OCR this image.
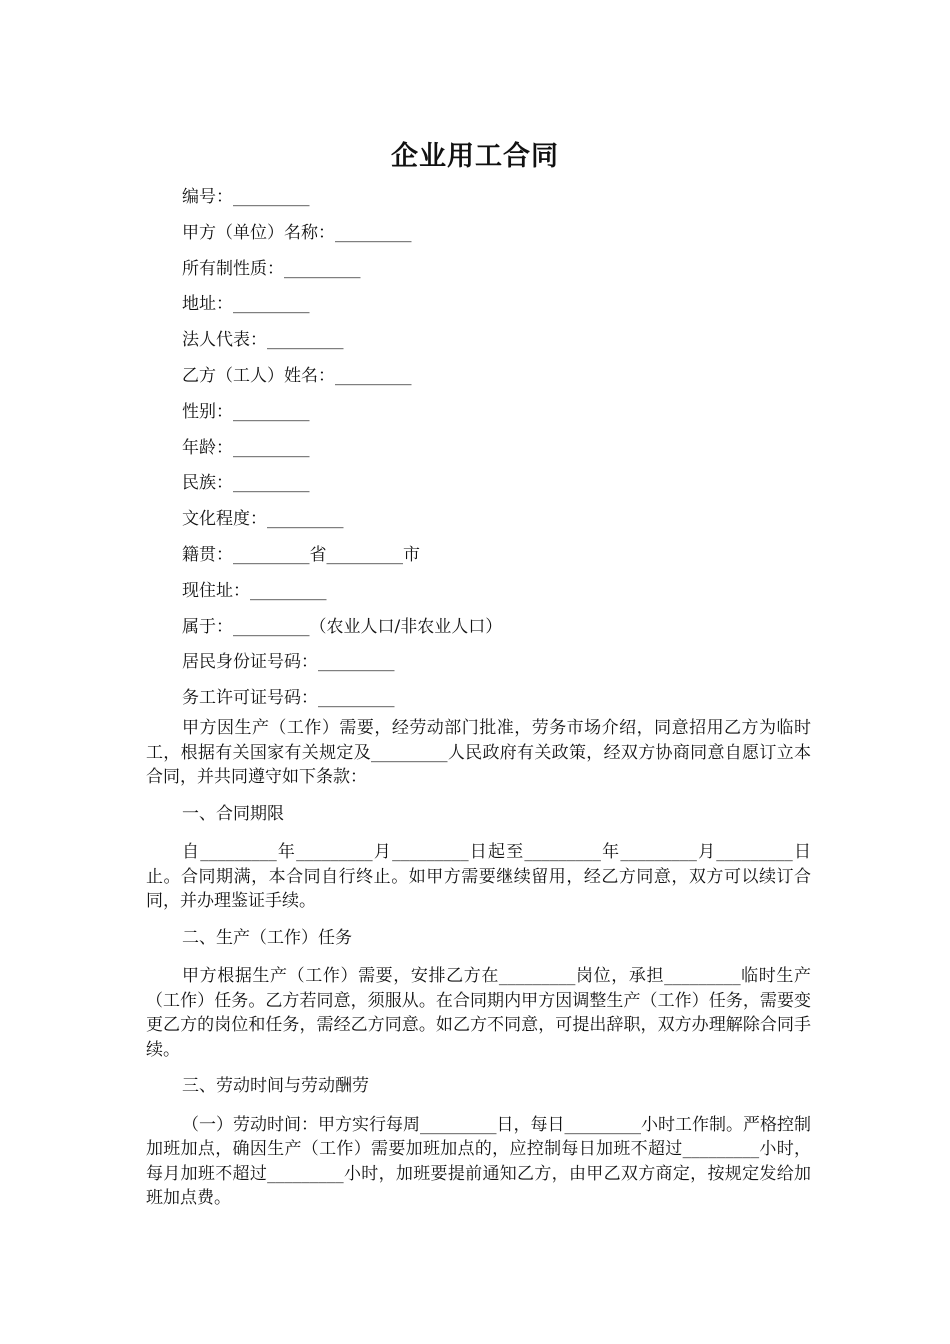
企业用工合同
编号：_________
甲方（单位）名称：_________
所有制性质：_________
地址：_________
法人代表：_________
乙方（工人）姓名：_________
性别：_________
年龄：_________
民族：_________
文化程度：_________
籍贯：_________省_________市
现住址：_________
属于：_________（农业人口/非农业人口）
居民身份证号码：_________
务工许可证号码：_________

甲方因生产（工作）需要，经劳动部门批准，劳务市场介绍，同意招用乙方为临时工，根据有关国家有关规定及_________人民政府有关政策，经双方协商同意自愿订立本合同，并共同遵守如下条款：

一、合同期限

自_________年_________月_________日起至_________年_________月_________日止。合同期满，本合同自行终止。如甲方需要继续留用，经乙方同意，双方可以续订合同，并办理鉴证手续。

二、生产（工作）任务

甲方根据生产（工作）需要，安排乙方在_________岗位，承担_________临时生产（工作）任务。乙方若同意，须服从。在合同期内甲方因调整生产（工作）任务，需要变更乙方的岗位和任务，需经乙方同意。如乙方不同意，可提出辞职，双方办理解除合同手续。

三、劳动时间与劳动酬劳

（一）劳动时间：甲方实行每周_________日，每日_________小时工作制。严格控制加班加点，确因生产（工作）需要加班加点的，应控制每日加班不超过_________小时，每月加班不超过_________小时，加班要提前通知乙方，由甲乙双方商定，按规定发给加班加点费。
